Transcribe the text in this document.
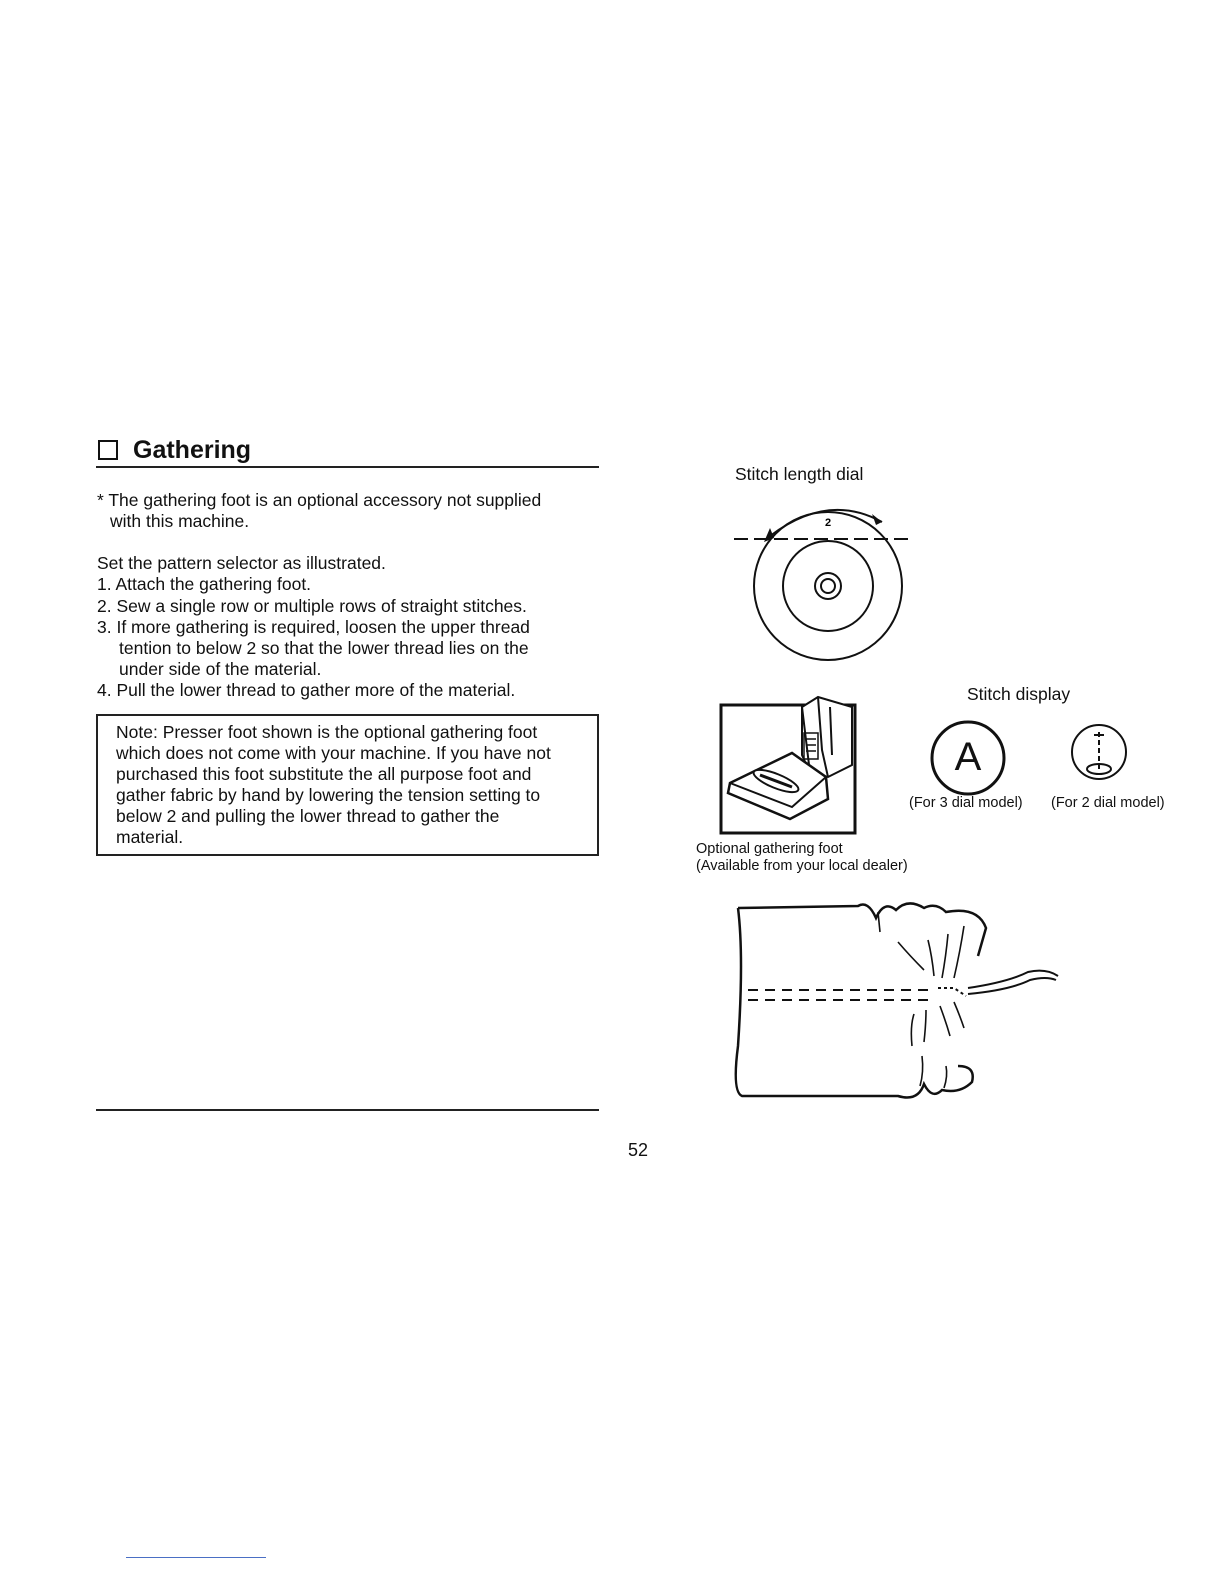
Gathering
* The gathering foot is an optional accessory not supplied
with this machine.
Set the pattern selector as illustrated.
1. Attach the gathering foot.
2. Sew a single row or multiple rows of straight stitches.
3. If more gathering is required, loosen the upper thread
tention to below 2 so that the lower thread lies on the
under side of the material.
4. Pull the lower thread to gather more of the material.
Note: Presser foot shown is the optional gathering foot
which does not come with your machine. If you have not
purchased this foot substitute the all purpose foot and
gather fabric by hand by lowering the tension setting to
below 2 and pulling the lower thread to gather the
material.
Stitch length dial
2
Stitch display
A
(For 3 dial model) (For 2 dial model)
Optional gathering foot
(Available from your local dealer)
52
